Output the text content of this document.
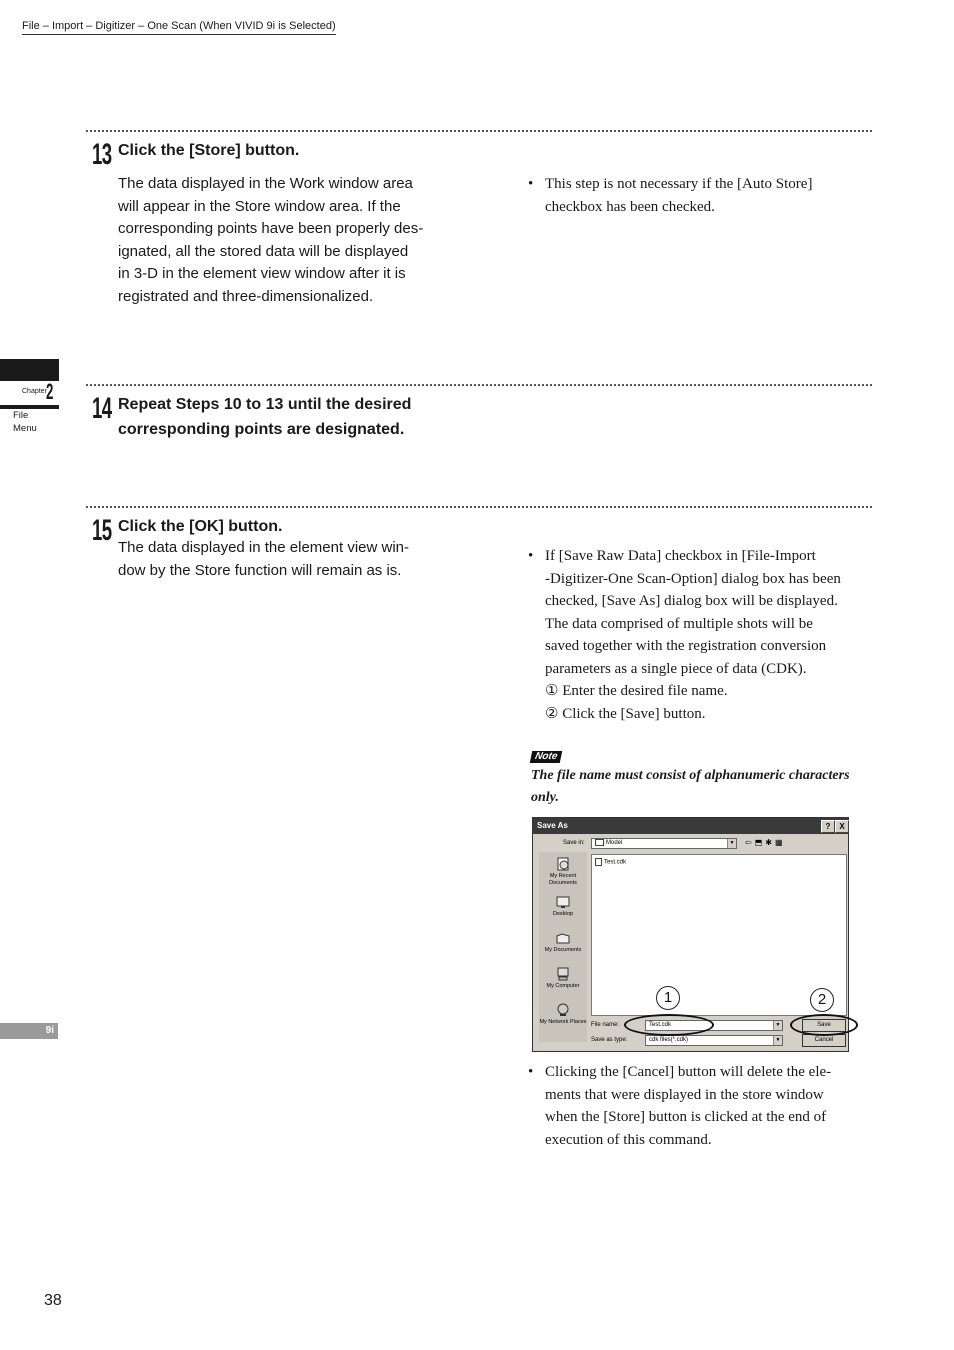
File – Import – Digitizer – One Scan (When VIVID 9i is Selected)
Chapter 2
File
Menu
9i
13 Click the [Store] button.
The data displayed in the Work window area
will appear in the Store window area. If the
corresponding points have been properly des-
ignated, all the stored data will be displayed
in 3-D in the element view window after it is
registrated and three-dimensionalized.
• This step is not necessary if the [Auto Store]
checkbox has been checked.
14 Repeat Steps 10 to 13 until the desired
corresponding points are designated.
15 Click the [OK] button.
The data displayed in the element view win-
dow by the Store function will remain as is.
• If [Save Raw Data] checkbox in [File-Import
-Digitizer-One Scan-Option] dialog box has been
checked, [Save As] dialog box will be displayed.
The data comprised of multiple shots will be
saved together with the registration conversion
parameters as a single piece of data (CDK).
① Enter the desired file name.
② Click the [Save] button.
Note
The file name must consist of alphanumeric characters
only.
Save As	?	X
Save in:	Model	▼ ⇦⬒✱▦
My Recent Documents
Desktop
My Documents
My Computer
My Network Places
Test.cdk
File name:	Test.cdk	▼
Save as type:	cdk files(*.cdk)	▼
Save
Cancel
1	2
• Clicking the [Cancel] button will delete the ele-
ments that were displayed in the store window
when the [Store] button is clicked at the end of
execution of this command.
38
